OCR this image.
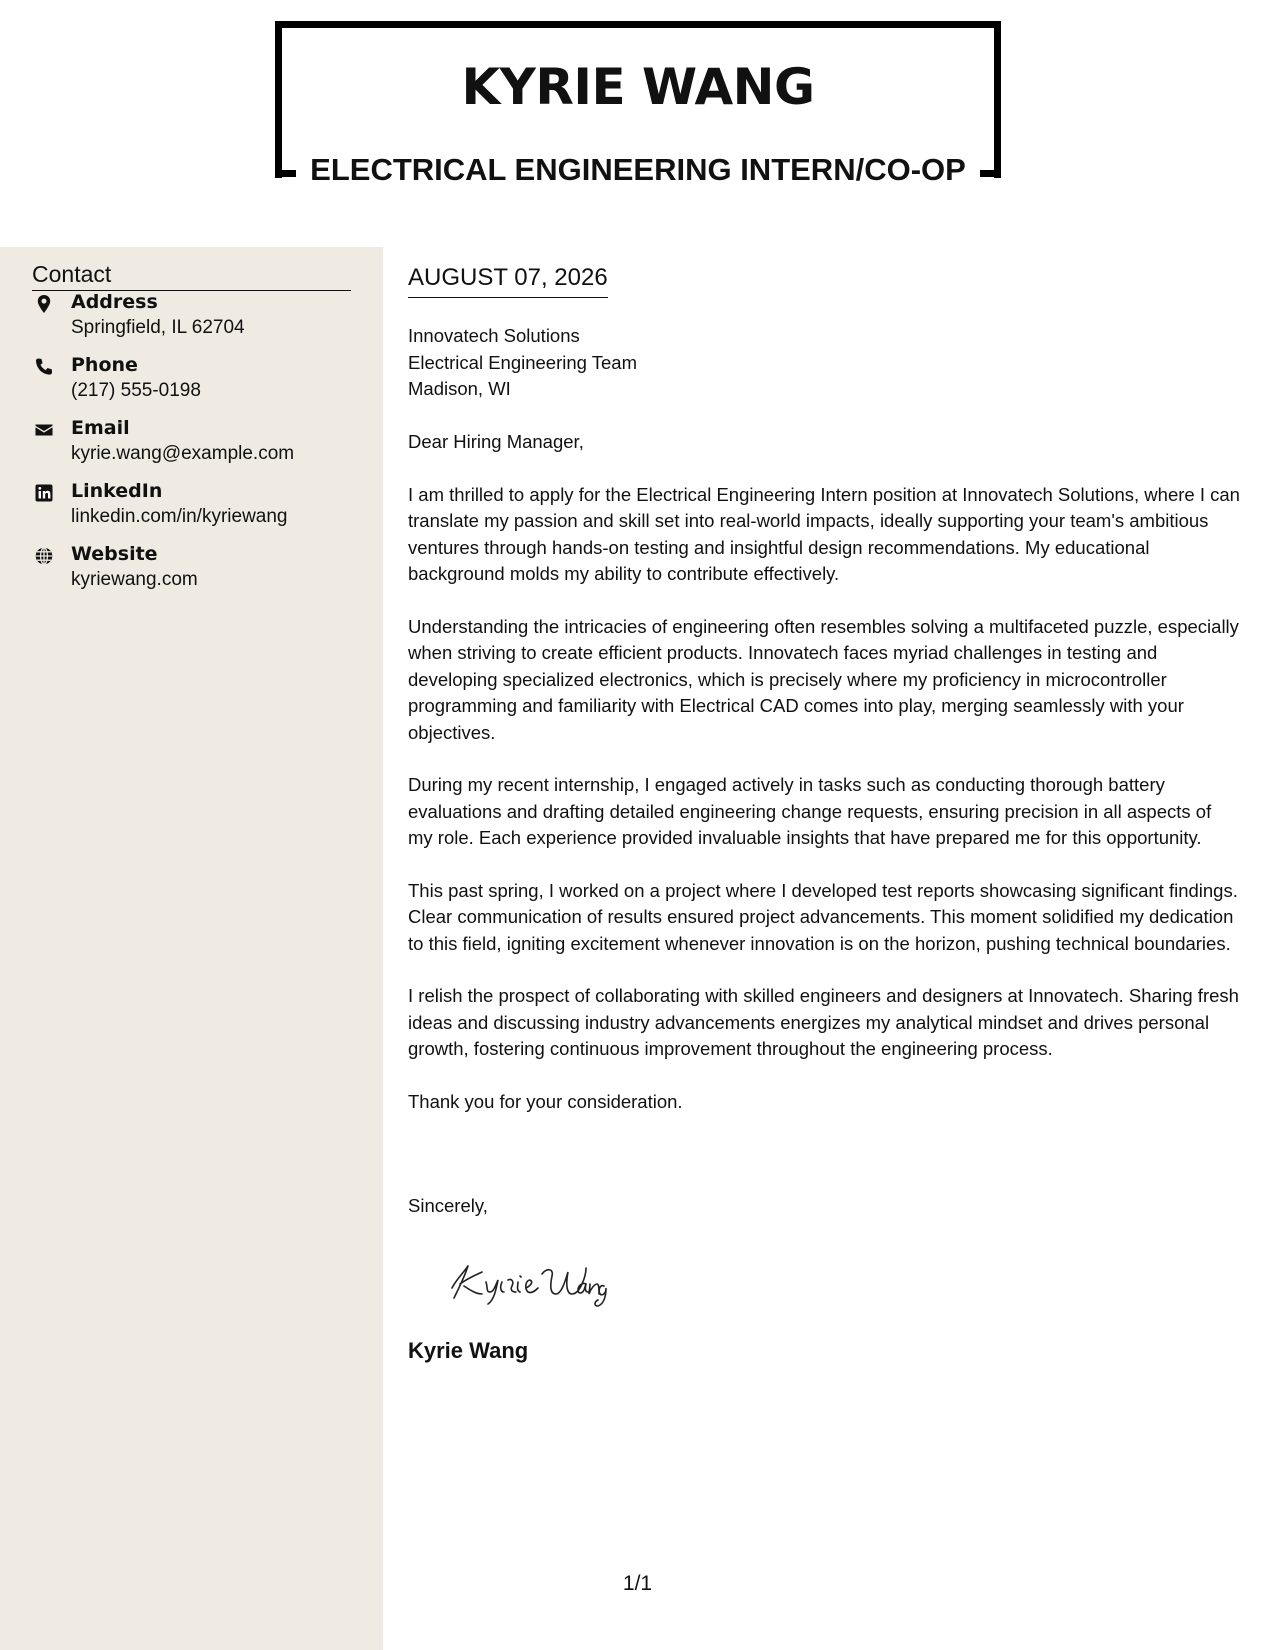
KYRIE WANG
ELECTRICAL ENGINEERING INTERN/CO-OP
Contact
Address
Springfield, IL 62704
Phone
(217) 555-0198
Email
kyrie.wang@example.com
LinkedIn
linkedin.com/in/kyriewang
Website
kyriewang.com
AUGUST 07, 2026
Innovatech Solutions
Electrical Engineering Team
Madison, WI

Dear Hiring Manager,

I am thrilled to apply for the Electrical Engineering Intern position at Innovatech Solutions, where I can translate my passion and skill set into real-world impacts, ideally supporting your team's ambitious ventures through hands-on testing and insightful design recommendations. My educational background molds my ability to contribute effectively.

Understanding the intricacies of engineering often resembles solving a multifaceted puzzle, especially when striving to create efficient products. Innovatech faces myriad challenges in testing and developing specialized electronics, which is precisely where my proficiency in microcontroller programming and familiarity with Electrical CAD comes into play, merging seamlessly with your objectives.

During my recent internship, I engaged actively in tasks such as conducting thorough battery evaluations and drafting detailed engineering change requests, ensuring precision in all aspects of my role. Each experience provided invaluable insights that have prepared me for this opportunity.

This past spring, I worked on a project where I developed test reports showcasing significant findings. Clear communication of results ensured project advancements. This moment solidified my dedication to this field, igniting excitement whenever innovation is on the horizon, pushing technical boundaries.

I relish the prospect of collaborating with skilled engineers and designers at Innovatech. Sharing fresh ideas and discussing industry advancements energizes my analytical mindset and drives personal growth, fostering continuous improvement throughout the engineering process.

Thank you for your consideration.

Sincerely,

Kyrie Wang

1/1
